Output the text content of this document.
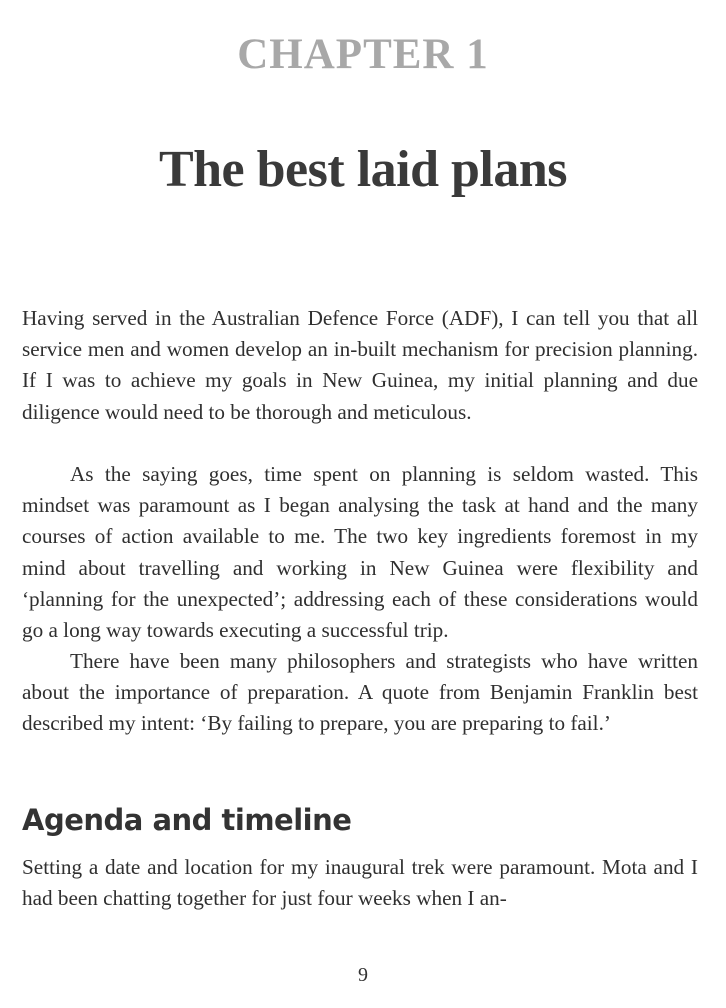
CHAPTER 1
The best laid plans

Having served in the Australian Defence Force (ADF), I can tell you that all service men and women develop an in-built mechanism for precision planning. If I was to achieve my goals in New Guinea, my initial planning and due diligence would need to be thorough and meticulous.

As the saying goes, time spent on planning is seldom wasted. This mindset was paramount as I began analysing the task at hand and the many courses of action available to me. The two key ingredients foremost in my mind about travelling and working in New Guinea were flexibility and ‘planning for the unexpected’; addressing each of these considerations would go a long way towards executing a successful trip.

There have been many philosophers and strategists who have written about the importance of preparation. A quote from Benjamin Franklin best described my intent: ‘By failing to prepare, you are preparing to fail.’

Agenda and timeline

Setting a date and location for my inaugural trek were paramount. Mota and I had been chatting together for just four weeks when I an-

9
